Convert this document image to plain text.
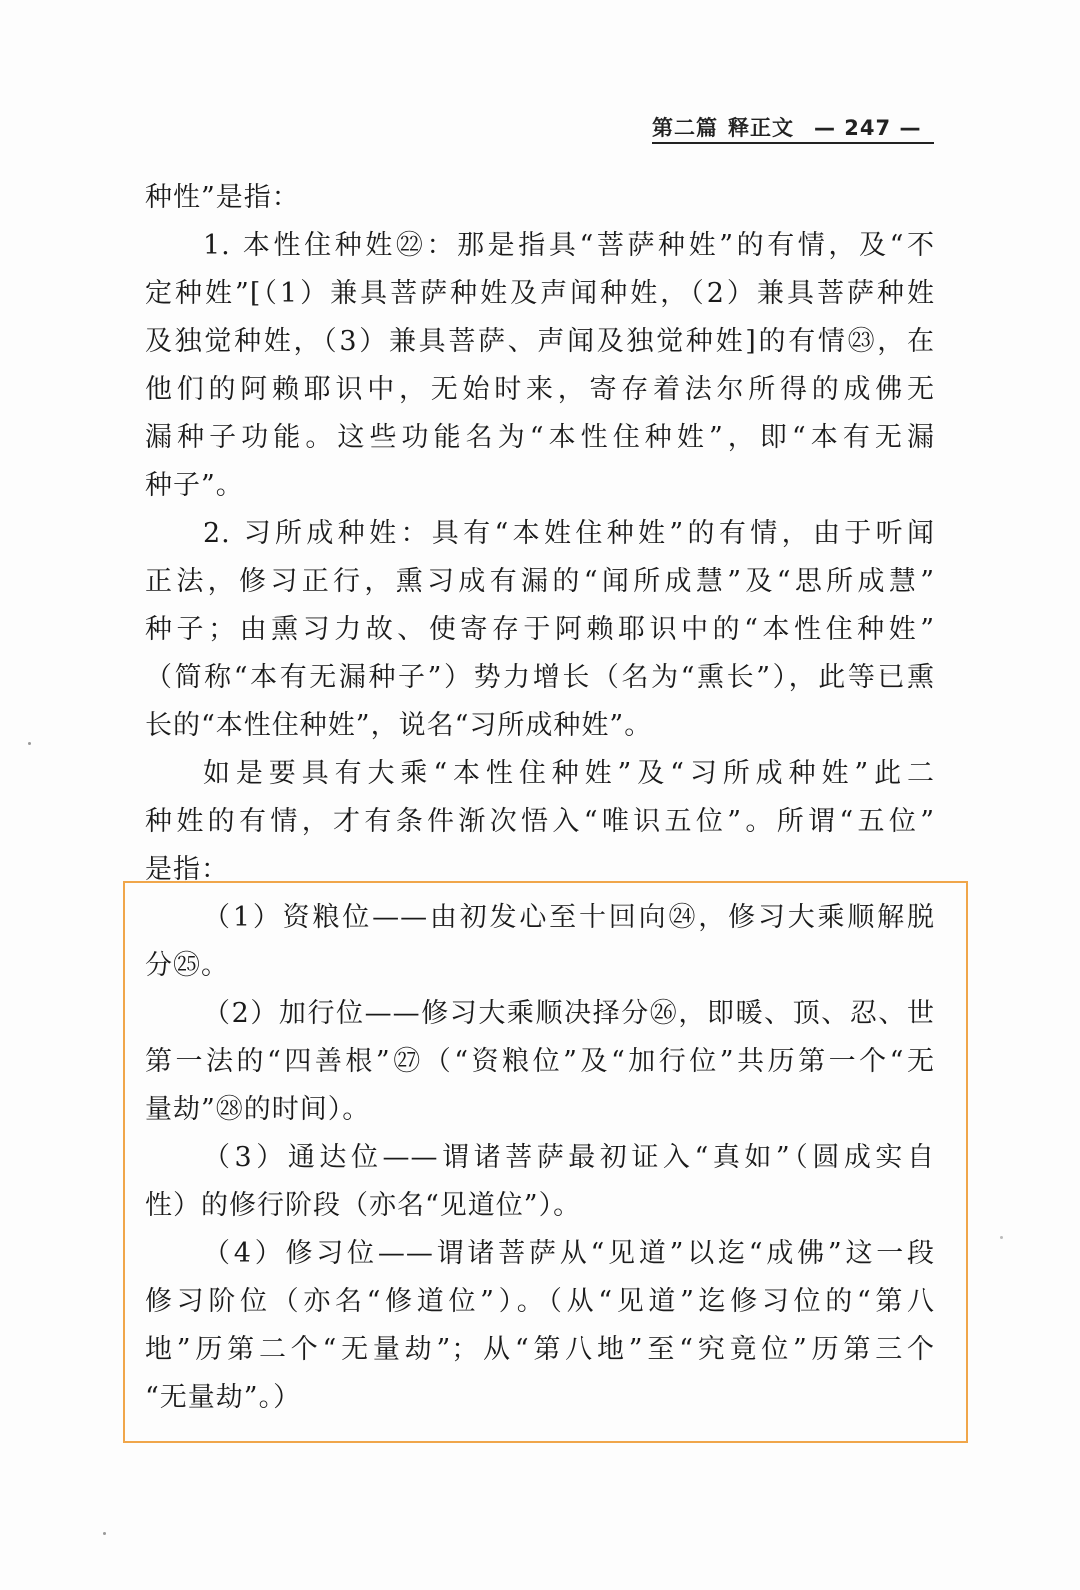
第二篇 释正文 — 247 —
种性”是指：
1. 本性住种姓㉒：那是指具“菩萨种姓”的有情，及“不
定种姓”[（1）兼具菩萨种姓及声闻种姓，（2）兼具菩萨种姓
及独觉种姓，（3）兼具菩萨、声闻及独觉种姓]的有情㉓，在
他们的阿赖耶识中，无始时来，寄存着法尔所得的成佛无
漏种子功能。这些功能名为“本性住种姓”，即“本有无漏
种子”。
2. 习所成种姓：具有“本姓住种姓”的有情，由于听闻
正法，修习正行，熏习成有漏的“闻所成慧”及“思所成慧”
种子；由熏习力故、使寄存于阿赖耶识中的“本性住种姓”
（简称“本有无漏种子”）势力增长（名为“熏长”），此等已熏
长的“本性住种姓”，说名“习所成种姓”。
如是要具有大乘“本性住种姓”及“习所成种姓”此二
种姓的有情，才有条件渐次悟入“唯识五位”。所谓“五位”
是指：
（1）资粮位——由初发心至十回向㉔，修习大乘顺解脱
分㉕。
（2）加行位——修习大乘顺决择分㉖，即暖、顶、忍、世
第一法的“四善根”㉗（“资粮位”及“加行位”共历第一个“无
量劫”㉘的时间）。
（3）通达位——谓诸菩萨最初证入“真如”（圆成实自
性）的修行阶段（亦名“见道位”）。
（4）修习位——谓诸菩萨从“见道”以迄“成佛”这一段
修习阶位（亦名“修道位”）。（从“见道”迄修习位的“第八
地”历第二个“无量劫”；从“第八地”至“究竟位”历第三个
“无量劫”。）
